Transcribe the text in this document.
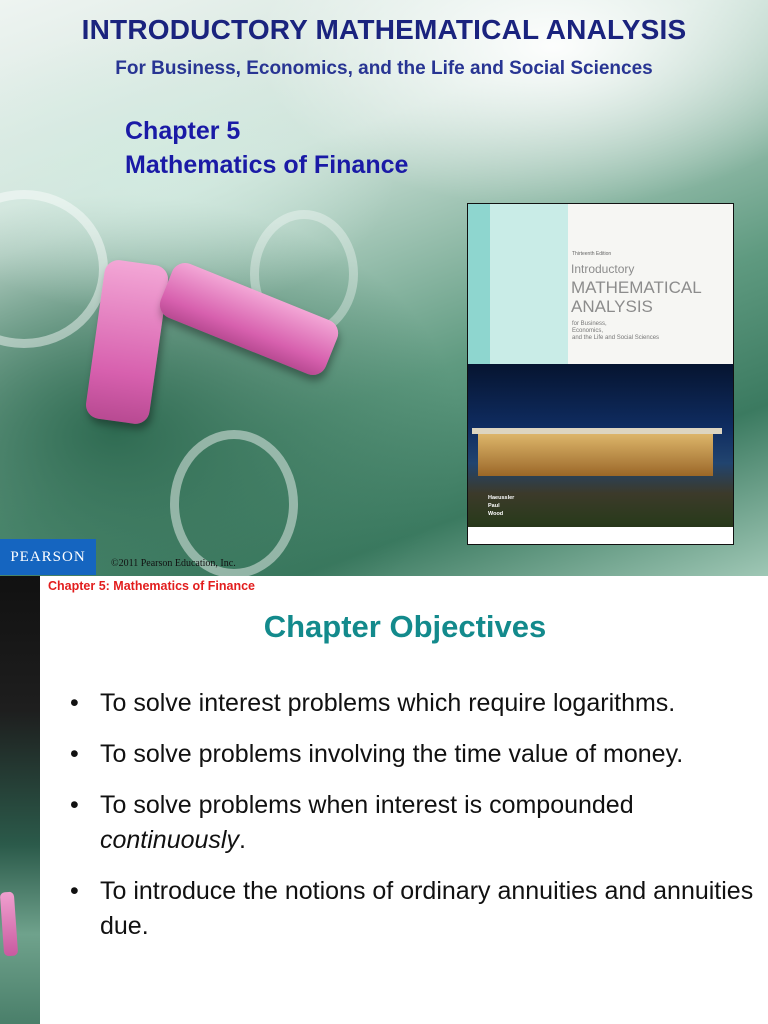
INTRODUCTORY MATHEMATICAL ANALYSIS
For Business, Economics, and the Life and Social Sciences
Chapter 5
Mathematics of Finance
Thirteenth Edition
Introductory
MATHEMATICAL
ANALYSIS
for Business,
Economics,
and the Life and Social Sciences
Haeussler
Paul
Wood
PEARSON	©2011 Pearson Education, Inc.
Chapter 5: Mathematics of Finance
Chapter Objectives
• To solve interest problems which require logarithms.
• To solve problems involving the time value of money.
• To solve problems when interest is compounded continuously.
• To introduce the notions of ordinary annuities and annuities due.
